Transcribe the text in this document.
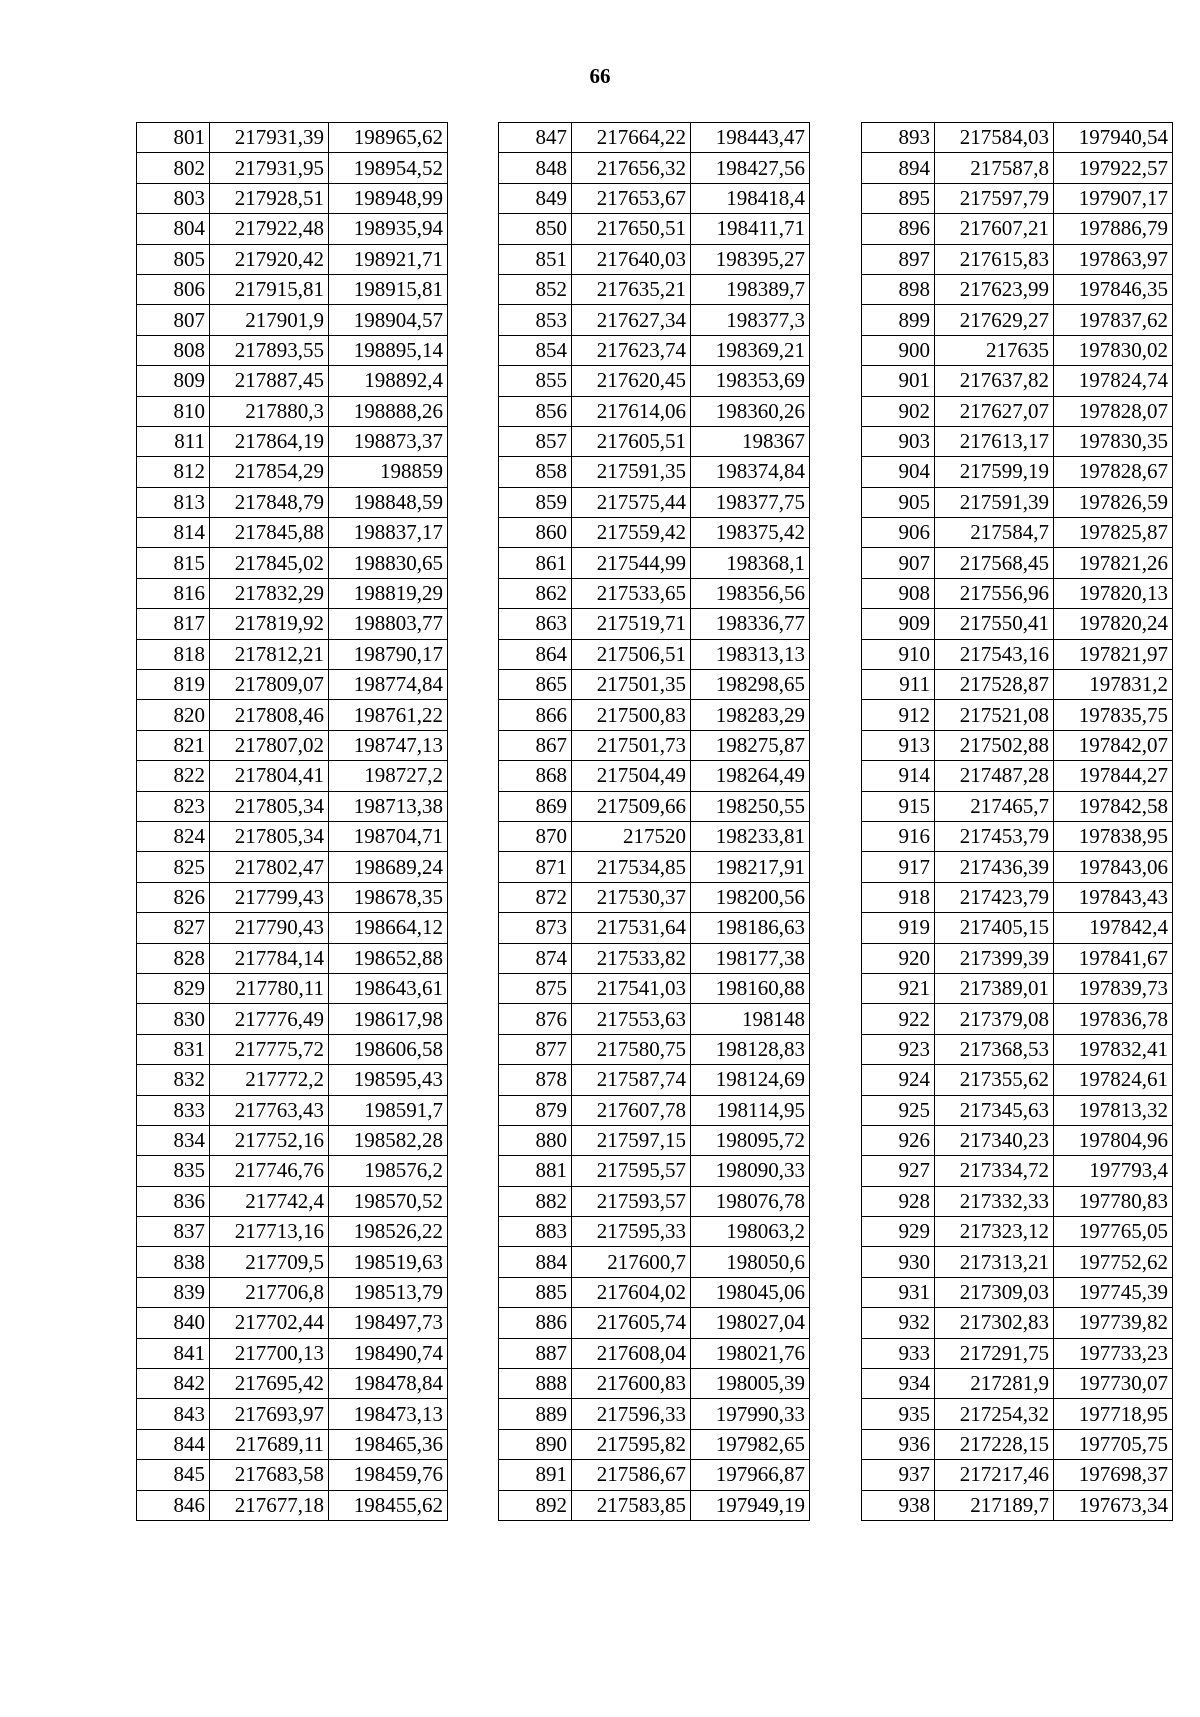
66
801	217931,39	198965,62
802	217931,95	198954,52
803	217928,51	198948,99
804	217922,48	198935,94
805	217920,42	198921,71
806	217915,81	198915,81
807	217901,9	198904,57
808	217893,55	198895,14
809	217887,45	198892,4
810	217880,3	198888,26
811	217864,19	198873,37
812	217854,29	198859
813	217848,79	198848,59
814	217845,88	198837,17
815	217845,02	198830,65
816	217832,29	198819,29
817	217819,92	198803,77
818	217812,21	198790,17
819	217809,07	198774,84
820	217808,46	198761,22
821	217807,02	198747,13
822	217804,41	198727,2
823	217805,34	198713,38
824	217805,34	198704,71
825	217802,47	198689,24
826	217799,43	198678,35
827	217790,43	198664,12
828	217784,14	198652,88
829	217780,11	198643,61
830	217776,49	198617,98
831	217775,72	198606,58
832	217772,2	198595,43
833	217763,43	198591,7
834	217752,16	198582,28
835	217746,76	198576,2
836	217742,4	198570,52
837	217713,16	198526,22
838	217709,5	198519,63
839	217706,8	198513,79
840	217702,44	198497,73
841	217700,13	198490,74
842	217695,42	198478,84
843	217693,97	198473,13
844	217689,11	198465,36
845	217683,58	198459,76
846	217677,18	198455,62
847	217664,22	198443,47
848	217656,32	198427,56
849	217653,67	198418,4
850	217650,51	198411,71
851	217640,03	198395,27
852	217635,21	198389,7
853	217627,34	198377,3
854	217623,74	198369,21
855	217620,45	198353,69
856	217614,06	198360,26
857	217605,51	198367
858	217591,35	198374,84
859	217575,44	198377,75
860	217559,42	198375,42
861	217544,99	198368,1
862	217533,65	198356,56
863	217519,71	198336,77
864	217506,51	198313,13
865	217501,35	198298,65
866	217500,83	198283,29
867	217501,73	198275,87
868	217504,49	198264,49
869	217509,66	198250,55
870	217520	198233,81
871	217534,85	198217,91
872	217530,37	198200,56
873	217531,64	198186,63
874	217533,82	198177,38
875	217541,03	198160,88
876	217553,63	198148
877	217580,75	198128,83
878	217587,74	198124,69
879	217607,78	198114,95
880	217597,15	198095,72
881	217595,57	198090,33
882	217593,57	198076,78
883	217595,33	198063,2
884	217600,7	198050,6
885	217604,02	198045,06
886	217605,74	198027,04
887	217608,04	198021,76
888	217600,83	198005,39
889	217596,33	197990,33
890	217595,82	197982,65
891	217586,67	197966,87
892	217583,85	197949,19
893	217584,03	197940,54
894	217587,8	197922,57
895	217597,79	197907,17
896	217607,21	197886,79
897	217615,83	197863,97
898	217623,99	197846,35
899	217629,27	197837,62
900	217635	197830,02
901	217637,82	197824,74
902	217627,07	197828,07
903	217613,17	197830,35
904	217599,19	197828,67
905	217591,39	197826,59
906	217584,7	197825,87
907	217568,45	197821,26
908	217556,96	197820,13
909	217550,41	197820,24
910	217543,16	197821,97
911	217528,87	197831,2
912	217521,08	197835,75
913	217502,88	197842,07
914	217487,28	197844,27
915	217465,7	197842,58
916	217453,79	197838,95
917	217436,39	197843,06
918	217423,79	197843,43
919	217405,15	197842,4
920	217399,39	197841,67
921	217389,01	197839,73
922	217379,08	197836,78
923	217368,53	197832,41
924	217355,62	197824,61
925	217345,63	197813,32
926	217340,23	197804,96
927	217334,72	197793,4
928	217332,33	197780,83
929	217323,12	197765,05
930	217313,21	197752,62
931	217309,03	197745,39
932	217302,83	197739,82
933	217291,75	197733,23
934	217281,9	197730,07
935	217254,32	197718,95
936	217228,15	197705,75
937	217217,46	197698,37
938	217189,7	197673,34
